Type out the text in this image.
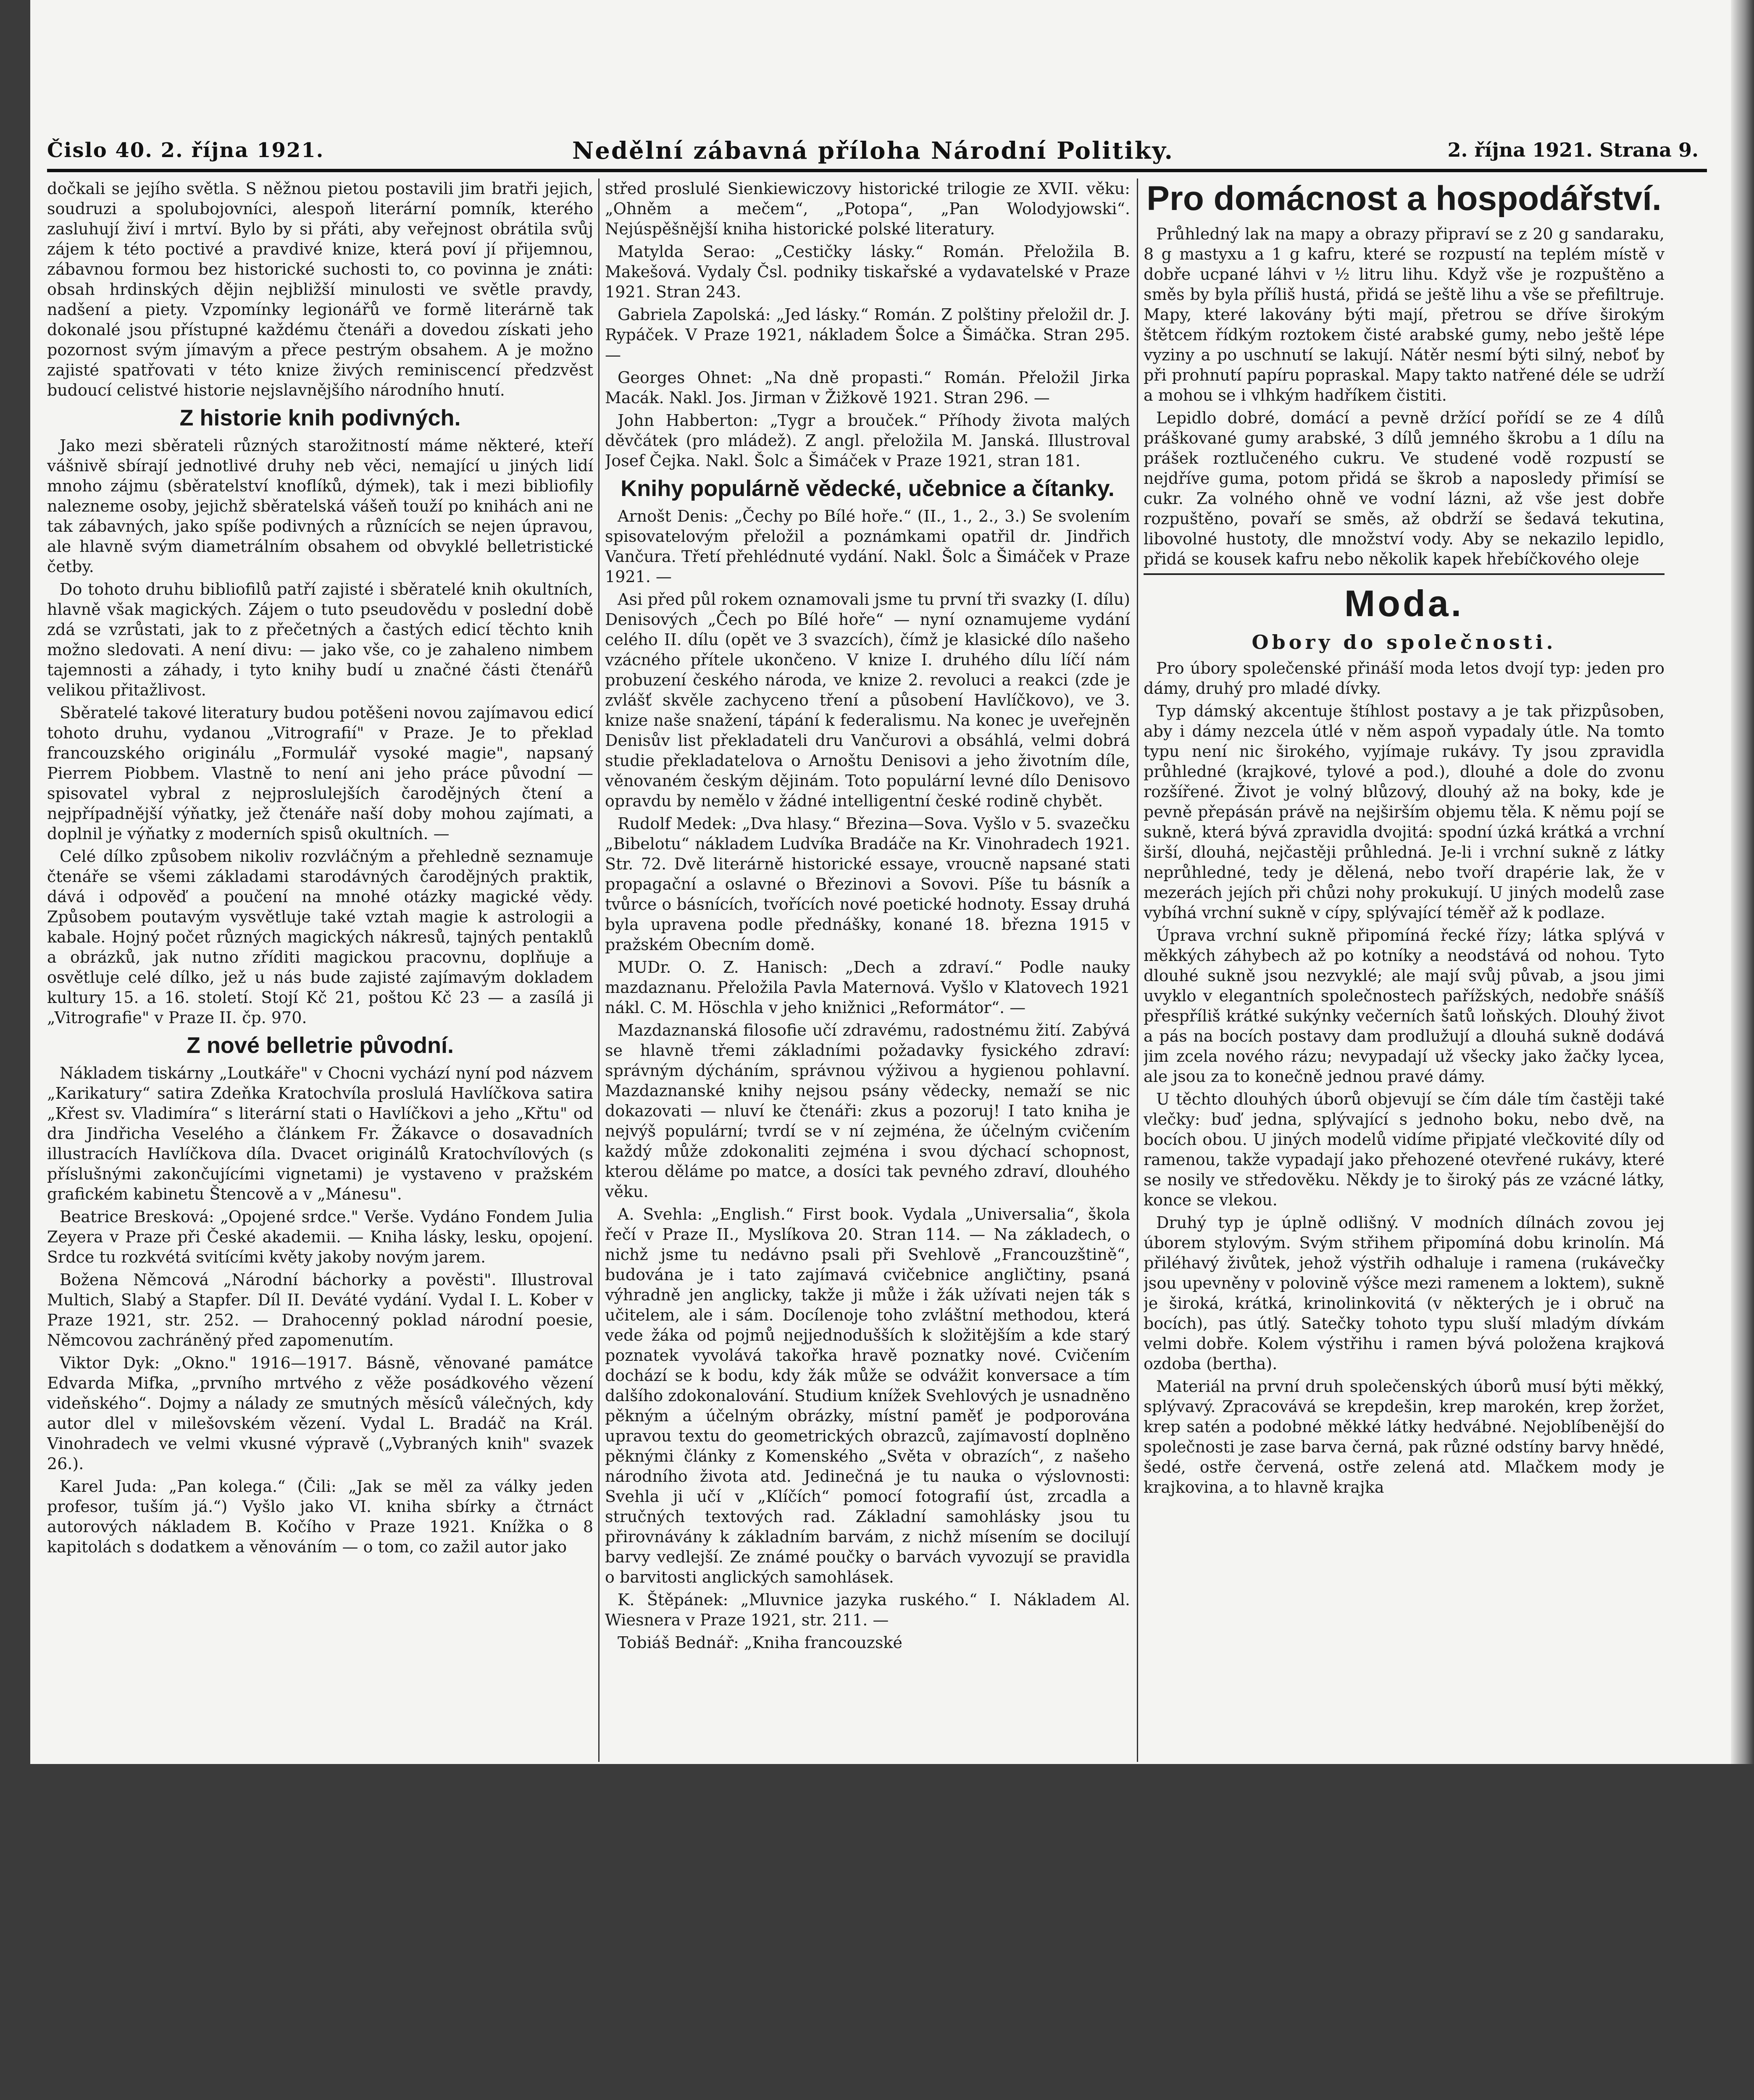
Čislo 40. 2. října 1921.	Nedělní zábavná příloha Národní Politiky.	2. října 1921. Strana 9.

dočkali se jejího světla. S něžnou pietou postavili jim bratři jejich, soudruzi a spolubojovníci, alespoň literární pomník, kterého zasluhují živí i mrtví. Bylo by si přáti, aby veřejnost obrátila svůj zájem k této poctivé a pravdivé knize, která poví jí přijemnou, zábavnou formou bez historické suchosti to, co povinna je znáti: obsah hrdinských dějin nejbližší minulosti ve světle pravdy, nadšení a piety. Vzpomínky legionářů ve formě literárně tak dokonalé jsou přístupné každému čtenáři a dovedou získati jeho pozornost svým jímavým a přece pestrým obsahem. A je možno zajisté spatřovati v této knize živých reminiscencí předzvěst budoucí celistvé historie nejslavnějšího národního hnutí.

Z historie knih podivných.

Jako mezi sběrateli různých starožitností máme některé, kteří vášnivě sbírají jednotlivé druhy neb věci, nemající u jiných lidí mnoho zájmu (sběratelství knoflíků, dýmek), tak i mezi bibliofily nalezneme osoby, jejichž sběratelská vášeň touží po knihách ani ne tak zábavných, jako spíše podivných a různících se nejen úpravou, ale hlavně svým diametrálním obsahem od obvyklé belletristické četby.

Do tohoto druhu bibliofilů patří zajisté i sběratelé knih okultních, hlavně však magických. Zájem o tuto pseudovědu v poslední době zdá se vzrůstati, jak to z přečetných a častých edicí těchto knih možno sledovati. A není divu: — jako vše, co je zahaleno nimbem tajemnosti a záhady, i tyto knihy budí u značné části čtenářů velikou přitažlivost.

Sběratelé takové literatury budou potěšeni novou zajímavou edicí tohoto druhu, vydanou „Vitrografií" v Praze. Je to překlad francouzského originálu „Formulář vysoké magie", napsaný Pierrem Piobbem. Vlastně to není ani jeho práce původní — spisovatel vybral z nejproslulejších čarodějných čtení a nejpřípadnější výňatky, jež čtenáře naší doby mohou zajímati, a doplnil je výňatky z moderních spisů okultních. —

Celé dílko způsobem nikoliv rozvláčným a přehledně seznamuje čtenáře se všemi základami starodávných čarodějných praktik, dává i odpověď a poučení na mnohé otázky magické vědy. Způsobem poutavým vysvětluje také vztah magie k astrologii a kabale. Hojný počet různých magických nákresů, tajných pentaklů a obrázků, jak nutno zříditi magickou pracovnu, doplňuje a osvětluje celé dílko, jež u nás bude zajisté zajímavým dokladem kultury 15. a 16. století. Stojí Kč 21, poštou Kč 23 — a zasílá ji „Vitrografie" v Praze II. čp. 970.

Z nové belletrie původní.

Nákladem tiskárny „Loutkáře" v Chocni vychází nyní pod názvem „Karikatury“ satira Zdeňka Kratochvíla proslulá Havlíčkova satira „Křest sv. Vladimíra“ s literární stati o Havlíčkovi a jeho „Křtu" od dra Jindřicha Veselého a článkem Fr. Žákavce o dosavadních illustracích Havlíčkova díla. Dvacet originálů Kratochvílových (s příslušnými zakončujícími vignetami) je vystaveno v pražském grafickém kabinetu Štencově a v „Mánesu".

Beatrice Bresková: „Opojené srdce." Verše. Vydáno Fondem Julia Zeyera v Praze při České akademii. — Kniha lásky, lesku, opojení. Srdce tu rozkvétá svitícími květy jakoby novým jarem.

Božena Němcová „Národní báchorky a pověsti". Illustroval Multich, Slabý a Stapfer. Díl II. Deváté vydání. Vydal I. L. Kober v Praze 1921, str. 252. — Drahocenný poklad národní poesie, Němcovou zachráněný před zapomenutím.

Viktor Dyk: „Okno." 1916—1917. Básně, věnované památce Edvarda Mifka, „prvního mrtvého z věže posádkového vězení videňského“. Dojmy a nálady ze smutných měsíců válečných, kdy autor dlel v milešovském vězení. Vydal L. Bradáč na Král. Vinohradech ve velmi vkusné výpravě („Vybraných knih" svazek 26.).

Karel Juda: „Pan kolega.“ (Čili: „Jak se měl za války jeden profesor, tuším já.“) Vyšlo jako VI. kniha sbírky a čtrnáct autorových nákladem B. Kočího v Praze 1921. Knížka o 8 kapitolách s dodatkem a věnováním — o tom, co zažil autor jako

střed proslulé Sienkiewiczovy historické trilogie ze XVII. věku: „Ohněm a mečem“, „Potopa“, „Pan Wolodyjowski“. Nejúspěšnější kniha historické polské literatury.

Matylda Serao: „Cestičky lásky.“ Román. Přeložila B. Makešová. Vydaly Čsl. podniky tiskařské a vydavatelské v Praze 1921. Stran 243.

Gabriela Zapolská: „Jed lásky.“ Román. Z polštiny přeložil dr. J. Rypáček. V Praze 1921, nákladem Šolce a Šimáčka. Stran 295. —

Georges Ohnet: „Na dně propasti.“ Román. Přeložil Jirka Macák. Nakl. Jos. Jirman v Žižkově 1921. Stran 296. —

John Habberton: „Tygr a brouček.“ Příhody života malých děvčátek (pro mládež). Z angl. přeložila M. Janská. Illustroval Josef Čejka. Nakl. Šolc a Šimáček v Praze 1921, stran 181.

Knihy populárně vědecké, učebnice a čítanky.

Arnošt Denis: „Čechy po Bílé hoře.“ (II., 1., 2., 3.) Se svolením spisovatelovým přeložil a poznámkami opatřil dr. Jindřich Vančura. Třetí přehlédnuté vydání. Nakl. Šolc a Šimáček v Praze 1921. —

Asi před půl rokem oznamovali jsme tu první tři svazky (I. dílu) Denisových „Čech po Bílé hoře“ — nyní oznamujeme vydání celého II. dílu (opět ve 3 svazcích), čímž je klasické dílo našeho vzácného přítele ukončeno. V knize I. druhého dílu líčí nám probuzení českého národa, ve knize 2. revoluci a reakci (zde je zvlášť skvěle zachyceno tření a působení Havlíčkovo), ve 3. knize naše snažení, tápání k federalismu. Na konec je uveřejněn Denisův list překladateli dru Vančurovi a obsáhlá, velmi dobrá studie překladatelova o Arnoštu Denisovi a jeho životním díle, věnovaném českým dějinám. Toto populární levné dílo Denisovo opravdu by nemělo v žádné intelligentní české rodině chybět.

Rudolf Medek: „Dva hlasy.“ Březina—Sova. Vyšlo v 5. svazečku „Bibelotu“ nákladem Ludvíka Bradáče na Kr. Vinohradech 1921. Str. 72. Dvě literárně historické essaye, vroucně napsané stati propagační a oslavné o Březinovi a Sovovi. Píše tu básník a tvůrce o básnících, tvořících nové poetické hodnoty. Essay druhá byla upravena podle přednášky, konané 18. března 1915 v pražském Obecním domě.

MUDr. O. Z. Hanisch: „Dech a zdraví.“ Podle nauky mazdaznanu. Přeložila Pavla Maternová. Vyšlo v Klatovech 1921 nákl. C. M. Höschla v jeho knižnici „Reformátor“. —

Mazdaznanská filosofie učí zdravému, radostnému žití. Zabývá se hlavně třemi základními požadavky fysického zdraví: správným dýcháním, správnou výživou a hygienou pohlavní. Mazdaznanské knihy nejsou psány vědecky, nemaží se nic dokazovati — nluví ke čtenáři: zkus a pozoruj! I tato kniha je nejvýš populární; tvrdí se v ní zejména, že účelným cvičením každý může zdokonaliti zejména i svou dýchací schopnost, kterou děláme po matce, a dosíci tak pevného zdraví, dlouhého věku.

A. Svehla: „English.“ First book. Vydala „Universalia“, škola řečí v Praze II., Myslíkova 20. Stran 114. — Na základech, o nichž jsme tu nedávno psali při Svehlově „Francouzštině“, budována je i tato zajímavá cvičebnice angličtiny, psaná výhradně jen anglicky, takže ji může i žák užívati nejen ták s učitelem, ale i sám. Docílenoje toho zvláštní methodou, která vede žáka od pojmů nejjednodušších k složitějším a kde starý poznatek vyvolává takořka hravě poznatky nové. Cvičením dochází se k bodu, kdy žák může se odvážit konversace a tím dalšího zdokonalování. Studium knížek Svehlových je usnadněno pěkným a účelným obrázky, místní paměť je podporována upravou textu do geometrických obrazců, zajímavostí doplněno pěknými články z Komenského „Světa v obrazích“, z našeho národního života atd. Jedinečná je tu nauka o výslovnosti: Svehla ji učí v „Klíčích“ pomocí fotografií úst, zrcadla a stručných textových rad. Základní samohlásky jsou tu přirovnávány k základním barvám, z nichž mísením se docilují barvy vedlejší. Ze známé poučky o barvách vyvozují se pravidla o barvitosti anglických samohlásek.

K. Štěpánek: „Mluvnice jazyka ruského.“ I. Nákladem Al. Wiesnera v Praze 1921, str. 211. —

Tobiáš Bednář: „Kniha francouzské

Pro domácnost a hospodářství.

Průhledný lak na mapy a obrazy připraví se z 20 g sandaraku, 8 g mastyxu a 1 g kafru, které se rozpustí na teplém místě v dobře ucpané láhvi v ½ litru lihu. Když vše je rozpuštěno a směs by byla příliš hustá, přidá se ještě lihu a vše se přefiltruje. Mapy, které lakovány býti mají, přetrou se dříve širokým štětcem řídkým roztokem čisté arabské gumy, nebo ještě lépe vyziny a po uschnutí se lakují. Nátěr nesmí býti silný, neboť by při prohnutí papíru popraskal. Mapy takto natřené déle se udrží a mohou se i vlhkým hadříkem čistiti.

Lepidlo dobré, domácí a pevně držící pořídí se ze 4 dílů práškované gumy arabské, 3 dílů jemného škrobu a 1 dílu na prášek roztlučeného cukru. Ve studené vodě rozpustí se nejdříve guma, potom přidá se škrob a naposledy přimísí se cukr. Za volného ohně ve vodní lázni, až vše jest dobře rozpuštěno, povaří se směs, až obdrží se šedavá tekutina, libovolné hustoty, dle množství vody. Aby se nekazilo lepidlo, přidá se kousek kafru nebo několik kapek hřebíčkového oleje

Moda.
Obory do společnosti.

Pro úbory společenské přináší moda letos dvojí typ: jeden pro dámy, druhý pro mladé dívky.

Typ dámský akcentuje štíhlost postavy a je tak přizpůsoben, aby i dámy nezcela útlé v něm aspoň vypadaly útle. Na tomto typu není nic širokého, vyjímaje rukávy. Ty jsou zpravidla průhledné (krajkové, tylové a pod.), dlouhé a dole do zvonu rozšířené. Život je volný blůzový, dlouhý až na boky, kde je pevně přepásán právě na nejširším objemu těla. K němu pojí se sukně, která bývá zpravidla dvojitá: spodní úzká krátká a vrchní širší, dlouhá, nejčastěji průhledná. Je-li i vrchní sukně z látky neprůhledné, tedy je dělená, nebo tvoří drapérie lak, že v mezerách jejích při chůzi nohy prokukují. U jiných modelů zase vybíhá vrchní sukně v cípy, splývající téměř až k podlaze.

Úprava vrchní sukně připomíná řecké řízy; látka splývá v měkkých záhybech až po kotníky a neodstává od nohou. Tyto dlouhé sukně jsou nezvyklé; ale mají svůj půvab, a jsou jimi uvyklo v elegantních společnostech pařížských, nedobře snášíš přespříliš krátké sukýnky večerních šatů loňských. Dlouhý život a pás na bocích postavy dam prodlužují a dlouhá sukně dodává jim zcela nového rázu; nevypadají už všecky jako žačky lycea, ale jsou za to konečně jednou pravé dámy.

U těchto dlouhých úborů objevují se čím dále tím častěji také vlečky: buď jedna, splývající s jednoho boku, nebo dvě, na bocích obou. U jiných modelů vidíme připjaté vlečkovité díly od ramenou, takže vypadají jako přehozené otevřené rukávy, které se nosily ve středověku. Někdy je to široký pás ze vzácné látky, konce se vlekou.

Druhý typ je úplně odlišný. V modních dílnách zovou jej úborem stylovým. Svým střihem připomíná dobu krinolín. Má přiléhavý živůtek, jehož výstřih odhaluje i ramena (rukávečky jsou upevněny v polovině výšce mezi ramenem a loktem), sukně je široká, krátká, krinolinkovitá (v některých je i obruč na bocích), pas útlý. Satečky tohoto typu sluší mladým dívkám velmi dobře. Kolem výstřihu i ramen bývá položena krajková ozdoba (bertha).

Materiál na první druh společenských úborů musí býti měkký, splývavý. Zpracovává se krepdešin, krep marokén, krep žoržet, krep satén a podobné měkké látky hedvábné. Nejoblíbenější do společnosti je zase barva černá, pak různé odstíny barvy hnědé, šedé, ostře červená, ostře zelená atd. Mlačkem mody je krajkovina, a to hlavně krajka
